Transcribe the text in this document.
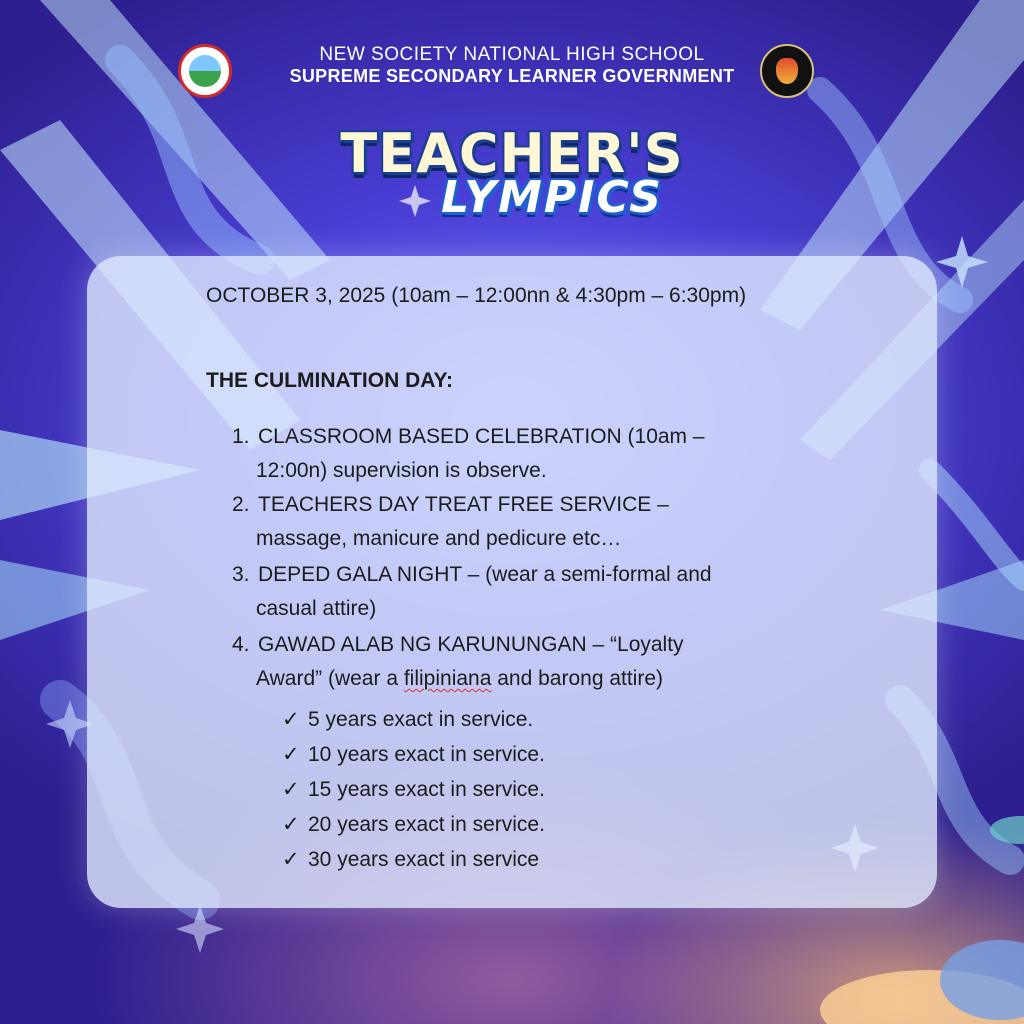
NEW SOCIETY NATIONAL HIGH SCHOOL
SUPREME SECONDARY LEARNER GOVERNMENT
TEACHER'S
LYMPICS
OCTOBER 3, 2025 (10am – 12:00nn & 4:30pm – 6:30pm)
THE CULMINATION DAY:
1. CLASSROOM BASED CELEBRATION (10am –
12:00n) supervision is observe.
2. TEACHERS DAY TREAT FREE SERVICE –
massage, manicure and pedicure etc…
3. DEPED GALA NIGHT – (wear a semi-formal and
casual attire)
4. GAWAD ALAB NG KARUNUNGAN – “Loyalty
Award” (wear a filipiniana and barong attire)
✓ 5 years exact in service.
✓ 10 years exact in service.
✓ 15 years exact in service.
✓ 20 years exact in service.
✓ 30 years exact in service
